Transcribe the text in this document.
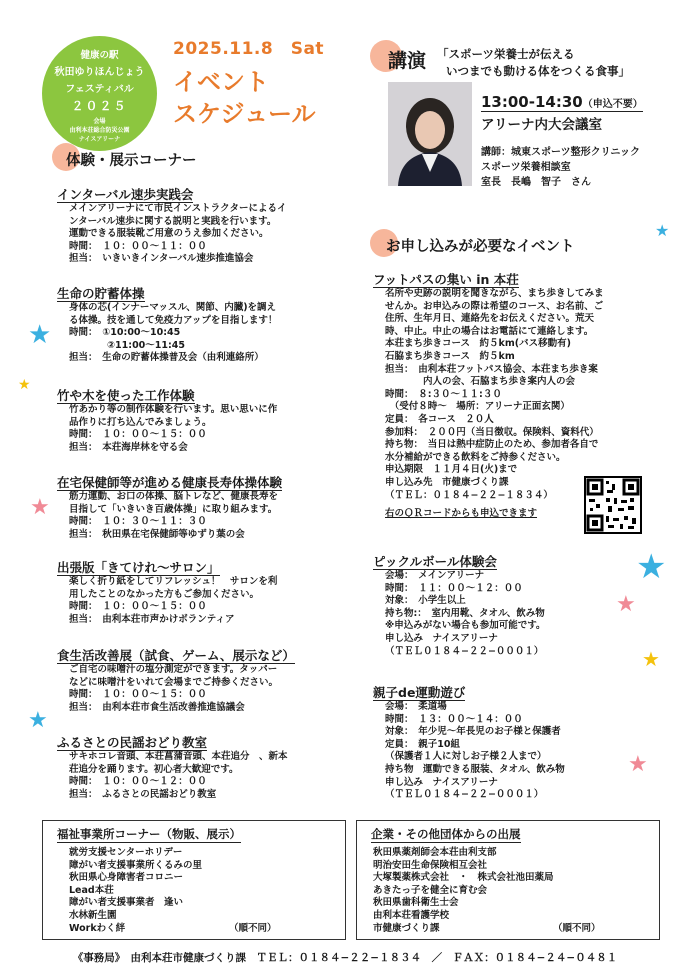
健康の駅
秋田ゆりほんじょう
フェスティバル
２０２５
会場
由利本荘総合防災公園
ナイスアリーナ
2025.11.8　Sat
イベント
スケジュール
講演 「スポーツ栄養士が伝える
いつまでも動ける体をつくる食事」
13:00-14:30（申込不要）
アリーナ内大会議室
講師：城東スポーツ整形クリニック
スポーツ栄養相談室
室長　長嶋　智子　さん
体験・展示コーナー
インターバル速歩実践会
メインアリーナにて市民インストラクターによるイ
ンターバル速歩に関する説明と実践を行います。
運動できる服装靴ご用意のうえ参加ください。
時間：　１０：００〜１１：００
担当：　いきいきインターバル速歩推進協会
生命の貯蓄体操
身体の芯(インナーマッスル、関節、内臓)を調え
る体操。技を通して免疫力アップを目指します！
時間：　①10:00〜10:45
　　　　②11:00〜11:45
担当：　生命の貯蓄体操普及会（由利連絡所）
竹や木を使った工作体験
竹あかり等の制作体験を行います。思い思いに作
品作りに打ち込んでみましょう。
時間：　１０：００〜１５：００
担当：　本荘海岸林を守る会
在宅保健師等が進める健康長寿体操体験
筋力運動、お口の体操、脳トレなど、健康長寿を
目指して「いきいき百歳体操」に取り組みます。
時間：　１０：３０〜１１：３０
担当：　秋田県在宅保健師等ゆずり葉の会
出張版「きてけれ〜サロン」
楽しく折り紙をしてリフレッシュ！　サロンを利
用したことのなかった方もご参加ください。
時間：　１０：００〜１５：００
担当：　由利本荘市声かけボランティア
食生活改善展（試食、ゲーム、展示など）
ご自宅の味噌汁の塩分測定ができます。タッパー
などに味噌汁をいれて会場までご持参ください。
時間：　１０：００〜１５：００
担当：　由利本荘市食生活改善推進協議会
ふるさとの民謡おどり教室
サキホコレ音頭、本荘菖蒲音頭、本荘追分　、新本
荘追分を踊ります。初心者大歓迎です。
時間：　１０：００〜１２：００
担当：　ふるさとの民謡おどり教室
お申し込みが必要なイベント
フットパスの集い in 本荘
名所や史跡の説明を聞きながら、まち歩きしてみま
せんか。お申込みの際は希望のコース、お名前、ご
住所、生年月日、連絡先をお伝えください。荒天
時、中止。中止の場合はお電話にて連絡します。
本荘まち歩きコース　約５km(バス移動有)
石脇まち歩きコース　約５km
担当：　由利本荘フットパス協会、本荘まち歩き案
　　　　内人の会、石脇まち歩き案内人の会
時間：　８:３０〜１１:３０
　（受付８時〜　場所：アリーナ正面玄関）
定員：　各コース　２０人
参加料：　２００円（当日徴収。保険料、資料代）
持ち物：　当日は熱中症防止のため、参加者各自で
水分補給ができる飲料をご持参ください。
申込期限　１１月４日(火)まで
申し込み先　市健康づくり課
（ＴＥＬ：０１８４−２２−１８３４）
右のＱＲコードからも申込できます
ピックルボール体験会
会場：　メインアリーナ
時間：　１１：００〜１２：００
対象：　小学生以上
持ち物:：　室内用靴、タオル、飲み物
※申込みがない場合も参加可能です。
申し込み　ナイスアリーナ
（ＴＥＬ０１８４−２２−０００１）
親子de運動遊び
会場：　柔道場
時間：　１３：００〜１４：００
対象：　年少児〜年長児のお子様と保護者
定員：　親子10組
（保護者１人に対しお子様２人まで）
持ち物　運動できる服装、タオル、飲み物
申し込み　ナイスアリーナ
（ＴＥＬ０１８４−２２−０００１）
福祉事業所コーナー（物販、展示）
就労支援センターホリデー
障がい者支援事業所くるみの里
秋田県心身障害者コロニー
Lead本荘
障がい者支援事業者　逢い
水林新生園
Workわく絆	（順不同）
企業・その他団体からの出展
秋田県薬剤師会本荘由利支部
明治安田生命保険相互会社
大塚製薬株式会社　・　株式会社池田薬局
あきたっ子を健全に育む会
秋田県歯科衛生士会
由利本荘看護学校
市健康づくり課	（順不同）
《事務局》　由利本荘市健康づくり課　ＴＥＬ：０１８４−２２−１８３４　／　ＦＡＸ：０１８４−２４−０４８１
★
★
★
★
★
★
★
★
★
